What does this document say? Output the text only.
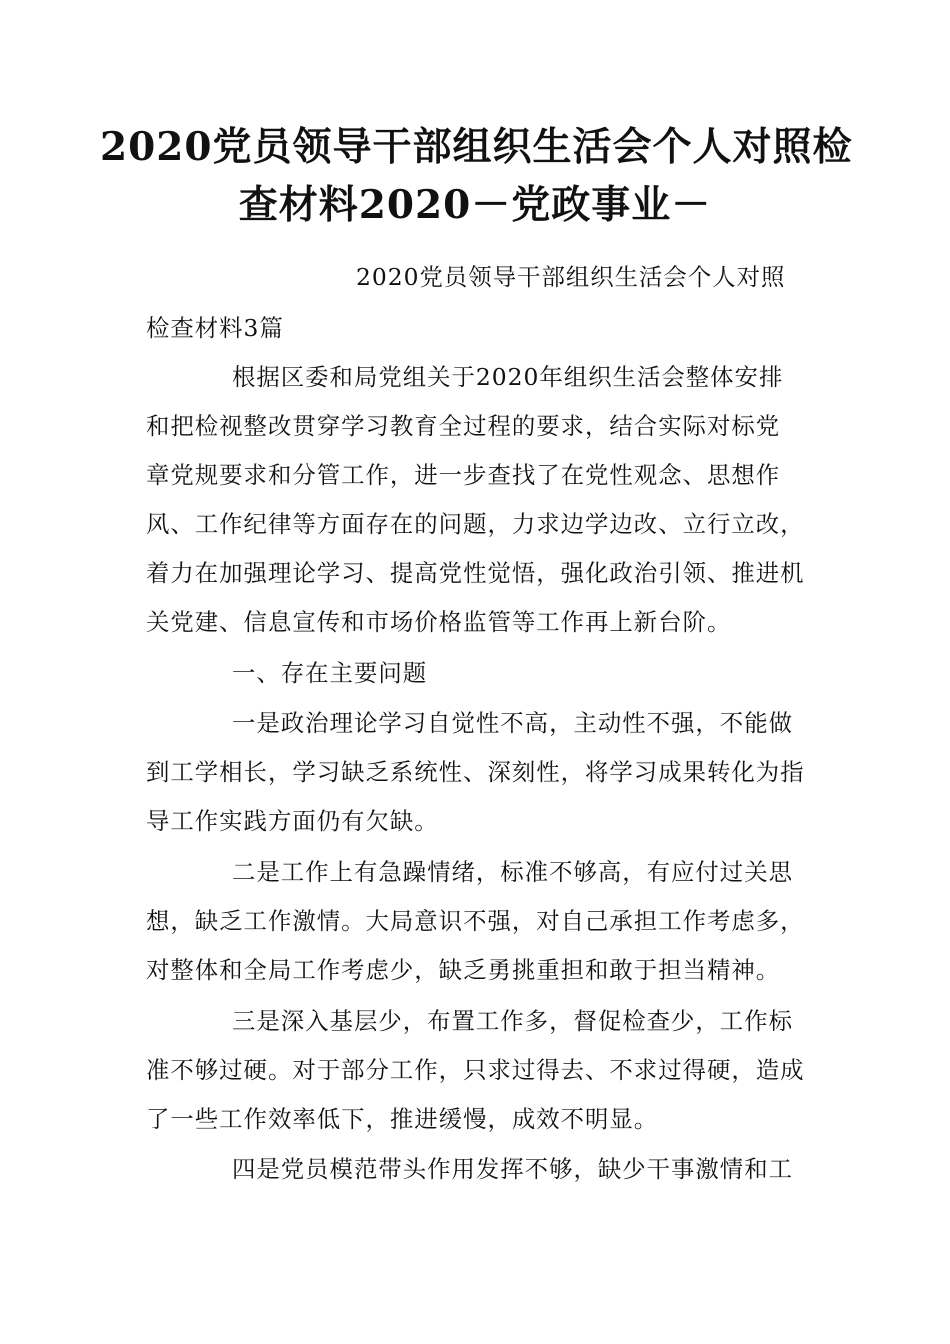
2020党员领导干部组织生活会个人对照检
查材料2020－党政事业－
2020党员领导干部组织生活会个人对照
检查材料3篇
根据区委和局党组关于2020年组织生活会整体安排
和把检视整改贯穿学习教育全过程的要求，结合实际对标党
章党规要求和分管工作，进一步查找了在党性观念、思想作
风、工作纪律等方面存在的问题，力求边学边改、立行立改，
着力在加强理论学习、提高党性觉悟，强化政治引领、推进机
关党建、信息宣传和市场价格监管等工作再上新台阶。
一、存在主要问题
一是政治理论学习自觉性不高，主动性不强，不能做
到工学相长，学习缺乏系统性、深刻性，将学习成果转化为指
导工作实践方面仍有欠缺。
二是工作上有急躁情绪，标准不够高，有应付过关思
想，缺乏工作激情。大局意识不强，对自己承担工作考虑多，
对整体和全局工作考虑少，缺乏勇挑重担和敢于担当精神。
三是深入基层少，布置工作多，督促检查少，工作标
准不够过硬。对于部分工作，只求过得去、不求过得硬，造成
了一些工作效率低下，推进缓慢，成效不明显。
四是党员模范带头作用发挥不够，缺少干事激情和工
